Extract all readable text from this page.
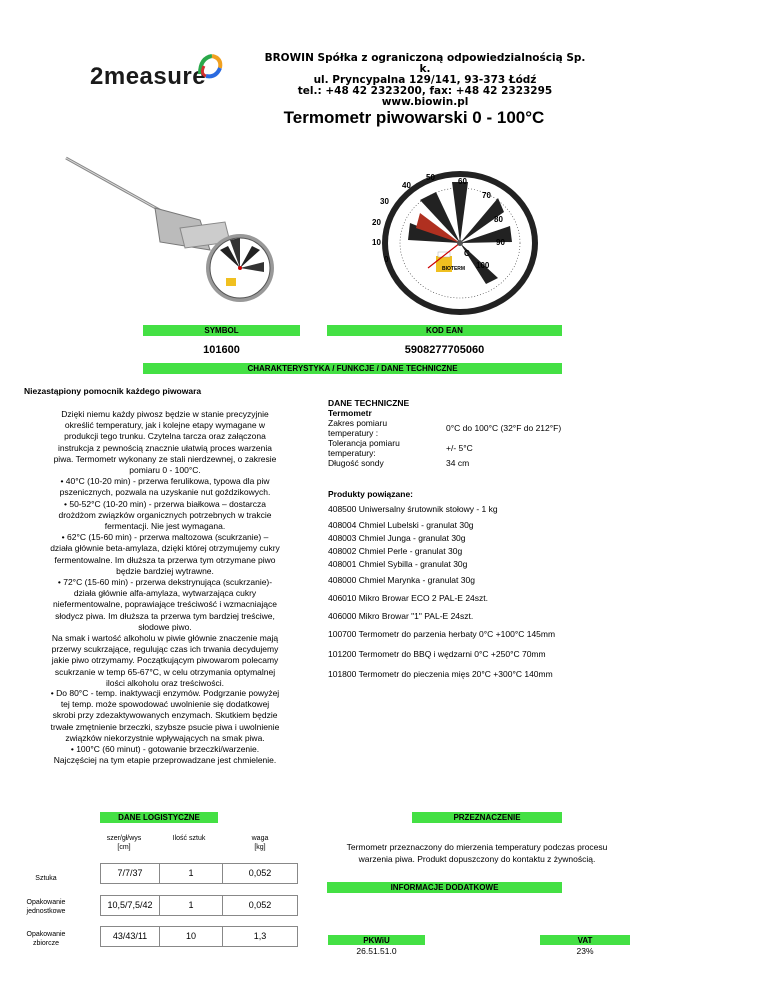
2measure
BROWIN Spółka z ograniczoną odpowiedzialnością Sp. k.
ul. Pryncypalna 129/141, 93-373 Łódź
tel.: +48 42 2323200, fax: +48 42 2323295
www.biowin.pl
Termometr piwowarski 0 - 100°C
0
10
20
30
40
50	60
70
80
90
100
C
BIOTERM
SYMBOL	KOD EAN
101600	5908277705060
CHARAKTERYSTYKA / FUNKCJE / DANE TECHNICZNE
Niezastąpiony pomocnik każdego piwowara
Dzięki niemu każdy piwosz będzie w stanie precyzyjnie
określić temperatury, jak i kolejne etapy wymagane w
produkcji tego trunku. Czytelna tarcza oraz załączona
instrukcja z pewnością znacznie ułatwią proces warzenia
piwa. Termometr wykonany ze stali nierdzewnej, o zakresie
pomiaru 0 - 100°C.
• 40°C (10-20 min) - przerwa ferulikowa, typowa dla piw
pszenicznych, pozwala na uzyskanie nut goździkowych.
• 50-52°C (10-20 min) - przerwa białkowa – dostarcza
drożdżom związków organicznych potrzebnych w trakcie
fermentacji. Nie jest wymagana.
• 62°C (15-60 min) - przerwa maltozowa (scukrzanie) –
działa głównie beta-amylaza, dzięki której otrzymujemy cukry
fermentowalne. Im dłuższa ta przerwa tym otrzymane piwo
będzie bardziej wytrawne.
• 72°C (15-60 min) - przerwa dekstrynująca (scukrzanie)-
działa głównie alfa-amylaza, wytwarzająca cukry
niefermentowalne, poprawiające treściwość i wzmacniające
słodycz piwa. Im dłuższa ta przerwa tym bardziej treściwe,
słodowe piwo.
Na smak i wartość alkoholu w piwie głównie znaczenie mają
przerwy scukrzające, regulując czas ich trwania decydujemy
jakie piwo otrzymamy. Początkującym piwowarom polecamy
scukrzanie w temp 65-67°C, w celu otrzymania optymalnej
ilości alkoholu oraz treściwości.
• Do 80°C - temp. inaktywacji enzymów. Podgrzanie powyżej
tej temp. może spowodować uwolnienie się dodatkowej
skrobi przy zdezaktywowanych enzymach. Skutkiem będzie
trwałe zmętnienie brzeczki, szybsze psucie piwa i uwolnienie
związków niekorzystnie wpływających na smak piwa.
• 100°C (60 minut) - gotowanie brzeczki/warzenie.
Najczęściej na tym etapie przeprowadzane jest chmielenie.
DANE TECHNICZNE
Termometr
Zakres pomiaru
temperatury :	0°C do 100°C (32°F do 212°F)
Tolerancja pomiaru
temperatury:	+/- 5°C
Długość sondy	34 cm
Produkty powiązane:
408500 Uniwersalny śrutownik stołowy - 1 kg
408004 Chmiel Lubelski - granulat 30g
408003 Chmiel Junga - granulat 30g
408002 Chmiel Perle - granulat 30g
408001 Chmiel Sybilla - granulat 30g
408000 Chmiel Marynka - granulat 30g
406010 Mikro Browar ECO 2 PAL-E 24szt.
406000 Mikro Browar "1" PAL-E 24szt.
100700 Termometr do parzenia herbaty 0°C +100°C 145mm
101200 Termometr do BBQ i wędzarni 0°C +250°C 70mm
101800 Termometr do pieczenia mięs 20°C +300°C 140mm
DANE LOGISTYCZNE
szer/gł/wys
[cm]
Ilość sztuk	waga
[kg]
Sztuka
7/7/37	1	0,052
Opakowanie
jednostkowe
10,5/7,5/42	1	0,052
Opakowanie
zbiorcze
43/43/11	10	1,3
PRZEZNACZENIE
Termometr przeznaczony do mierzenia temperatury podczas procesu
warzenia piwa. Produkt dopuszczony do kontaktu z żywnością.
INFORMACJE DODATKOWE
PKWiU
26.51.51.0
VAT
23%
